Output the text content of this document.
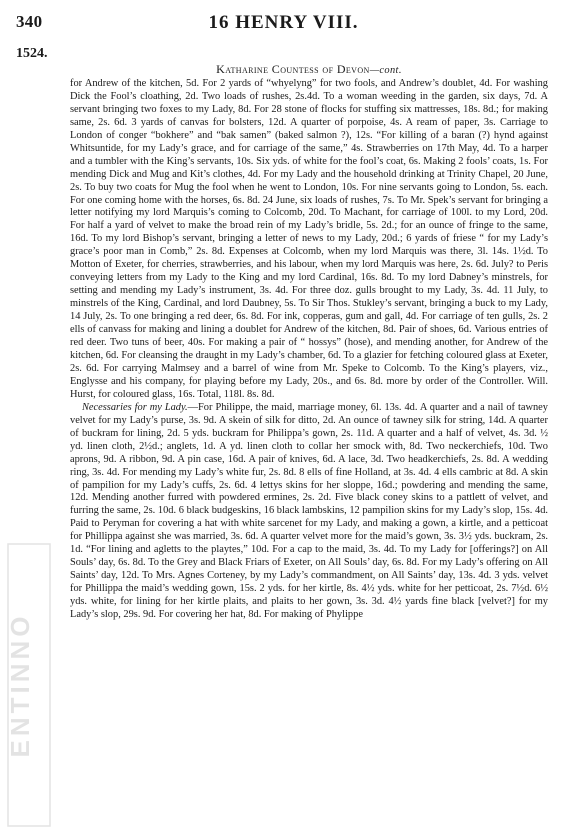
340	16 HENRY VIII.
1524.

Katharine Countess of Devon—cont.

for Andrew of the kitchen, 5d. For 2 yards of “whyelyng” for two fools, and Andrew’s doublet, 4d. For washing Dick the Fool’s cloathing, 2d. Two loads of rushes, 2s.4d. To a woman weeding in the garden, six days, 7d. A servant bringing two foxes to my Lady, 8d. For 28 stone of flocks for stuffing six mattresses, 18s. 8d.; for making same, 2s. 6d. 3 yards of canvas for bolsters, 12d. A quarter of porpoise, 4s. A ream of paper, 3s. Carriage to London of conger “bokhere” and “bak samen” (baked salmon ?), 12s. “For killing of a baran (?) hynd against Whitsuntide, for my Lady’s grace, and for carriage of the same,” 4s. Strawberries on 17th May, 4d. To a harper and a tumbler with the King’s servants, 10s. Six yds. of white for the fool’s coat, 6s. Making 2 fools’ coats, 1s. For mending Dick and Mug and Kit’s clothes, 4d. For my Lady and the household drinking at Trinity Chapel, 20 June, 2s. To buy two coats for Mug the fool when he went to London, 10s. For nine servants going to London, 5s. each. For one coming home with the horses, 6s. 8d. 24 June, six loads of rushes, 7s. To Mr. Spek’s servant for bringing a letter notifying my lord Marquis’s coming to Colcomb, 20d. To Machant, for carriage of 100l. to my Lord, 20d. For half a yard of velvet to make the broad rein of my Lady’s bridle, 5s. 2d.; for an ounce of fringe to the same, 16d. To my lord Bishop’s servant, bringing a letter of news to my Lady, 20d.; 6 yards of friese “ for my Lady’s grace’s poor man in Comb,” 2s. 8d. Expenses at Colcomb, when my lord Marquis was there, 3l. 14s. 1½d. To Motton of Exeter, for cherries, strawberries, and his labour, when my lord Marquis was here, 2s. 6d. July? to Peris conveying letters from my Lady to the King and my lord Cardinal, 16s. 8d. To my lord Dabney’s minstrels, for setting and mending my Lady’s instrument, 3s. 4d. For three doz. gulls brought to my Lady, 3s. 4d. 11 July, to minstrels of the King, Cardinal, and lord Daubney, 5s. To Sir Thos. Stukley’s servant, bringing a buck to my Lady, 14 July, 2s. To one bringing a red deer, 6s. 8d. For ink, copperas, gum and gall, 4d. For carriage of ten gulls, 2s. 2 ells of canvass for making and lining a doublet for Andrew of the kitchen, 8d. Pair of shoes, 6d. Various entries of red deer. Two tuns of beer, 40s. For making a pair of “ hossys” (hose), and mending another, for Andrew of the kitchen, 6d. For cleansing the draught in my Lady’s chamber, 6d. To a glazier for fetching coloured glass at Exeter, 2s. 6d. For carrying Malmsey and a barrel of wine from Mr. Speke to Colcomb. To the King’s players, viz., Englysse and his company, for playing before my Lady, 20s., and 6s. 8d. more by order of the Controller. Will. Hurst, for coloured glass, 16s. Total, 118l. 8s. 8d.

Necessaries for my Lady.—For Philippe, the maid, marriage money, 6l. 13s. 4d. A quarter and a nail of tawney velvet for my Lady’s purse, 3s. 9d. A skein of silk for ditto, 2d. An ounce of tawney silk for string, 14d. A quarter of buckram for lining, 2d. 5 yds. buckram for Philippa’s gown, 2s. 11d. A quarter and a half of velvet, 4s. 3d. ½ yd. linen cloth, 2½d.; anglets, 1d. A yd. linen cloth to collar her smock with, 8d. Two neckerchiefs, 10d. Two aprons, 9d. A ribbon, 9d. A pin case, 16d. A pair of knives, 6d. A lace, 3d. Two headkerchiefs, 2s. 8d. A wedding ring, 3s. 4d. For mending my Lady’s white fur, 2s. 8d. 8 ells of fine Holland, at 3s. 4d. 4 ells cambric at 8d. A skin of pampilion for my Lady’s cuffs, 2s. 6d. 4 lettys skins for her sloppe, 16d.; powdering and mending the same, 12d. Mending another furred with powdered ermines, 2s. 2d. Five black coney skins to a pattlett of velvet, and furring the same, 2s. 10d. 6 black budgeskins, 16 black lambskins, 12 pampilion skins for my Lady’s slop, 15s. 4d. Paid to Peryman for covering a hat with white sarcenet for my Lady, and making a gown, a kirtle, and a petticoat for Phillippa against she was married, 3s. 6d. A quarter velvet more for the maid’s gown, 3s. 3½ yds. buckram, 2s. 1d. “For lining and agletts to the playtes,” 10d. For a cap to the maid, 3s. 4d. To my Lady for [offerings?] on All Souls’ day, 6s. 8d. To the Grey and Black Friars of Exeter, on All Souls’ day, 6s. 8d. For my Lady’s offering on All Saints’ day, 12d. To Mrs. Agnes Corteney, by my Lady’s commandment, on All Saints’ day, 13s. 4d. 3 yds. velvet for Phillippa the maid’s wedding gown, 15s. 2 yds. for her kirtle, 8s. 4½ yds. white for her petticoat, 2s. 7½d. 6½ yds. white, for lining for her kirtle plaits, and plaits to her gown, 3s. 3d. 4½ yards fine black [velvet?] for my Lady’s slop, 29s. 9d. For covering her hat, 8d. For making of Phylippe

ENTINNO
